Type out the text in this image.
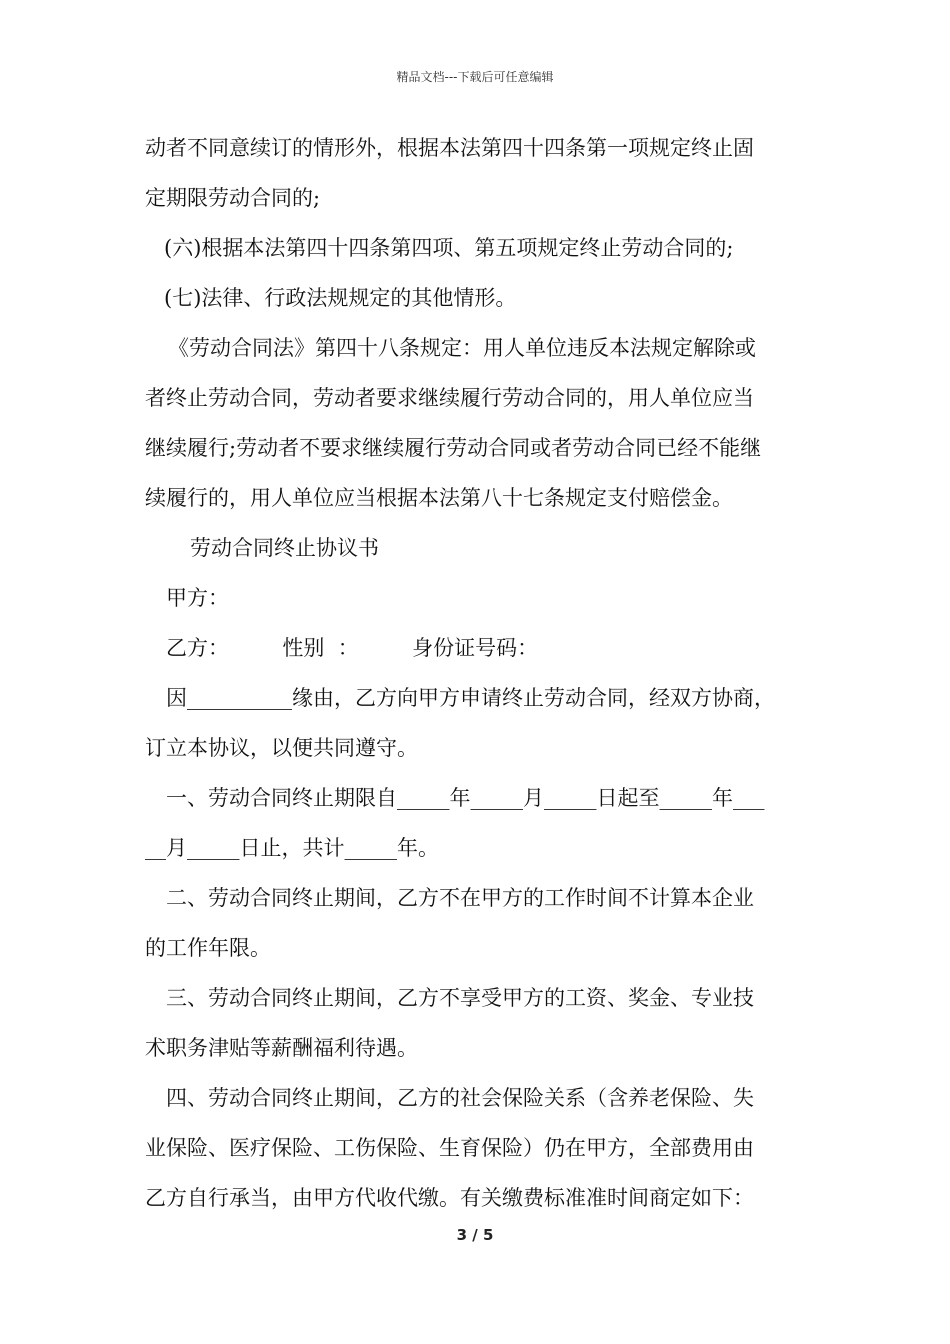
精品文档---下载后可任意编辑
动者不同意续订的情形外，根据本法第四十四条第一项规定终止固
定期限劳动合同的;
(六)根据本法第四十四条第四项、第五项规定终止劳动合同的;
(七)法律、行政法规规定的其他情形。
《劳动合同法》第四十八条规定：用人单位违反本法规定解除或
者终止劳动合同，劳动者要求继续履行劳动合同的，用人单位应当
继续履行;劳动者不要求继续履行劳动合同或者劳动合同已经不能继
续履行的，用人单位应当根据本法第八十七条规定支付赔偿金。
劳动合同终止协议书
甲方：
乙方：        性别  ：        身份证号码：
因__________缘由，乙方向甲方申请终止劳动合同，经双方协商，
订立本协议，以便共同遵守。
一、劳动合同终止期限自_____年_____月_____日起至_____年___
__月_____日止，共计_____年。
二、劳动合同终止期间，乙方不在甲方的工作时间不计算本企业
的工作年限。
三、劳动合同终止期间，乙方不享受甲方的工资、奖金、专业技
术职务津贴等薪酬福利待遇。
四、劳动合同终止期间，乙方的社会保险关系（含养老保险、失
业保险、医疗保险、工伤保险、生育保险）仍在甲方，全部费用由
乙方自行承当，由甲方代收代缴。有关缴费标准准时间商定如下：
3 / 5
